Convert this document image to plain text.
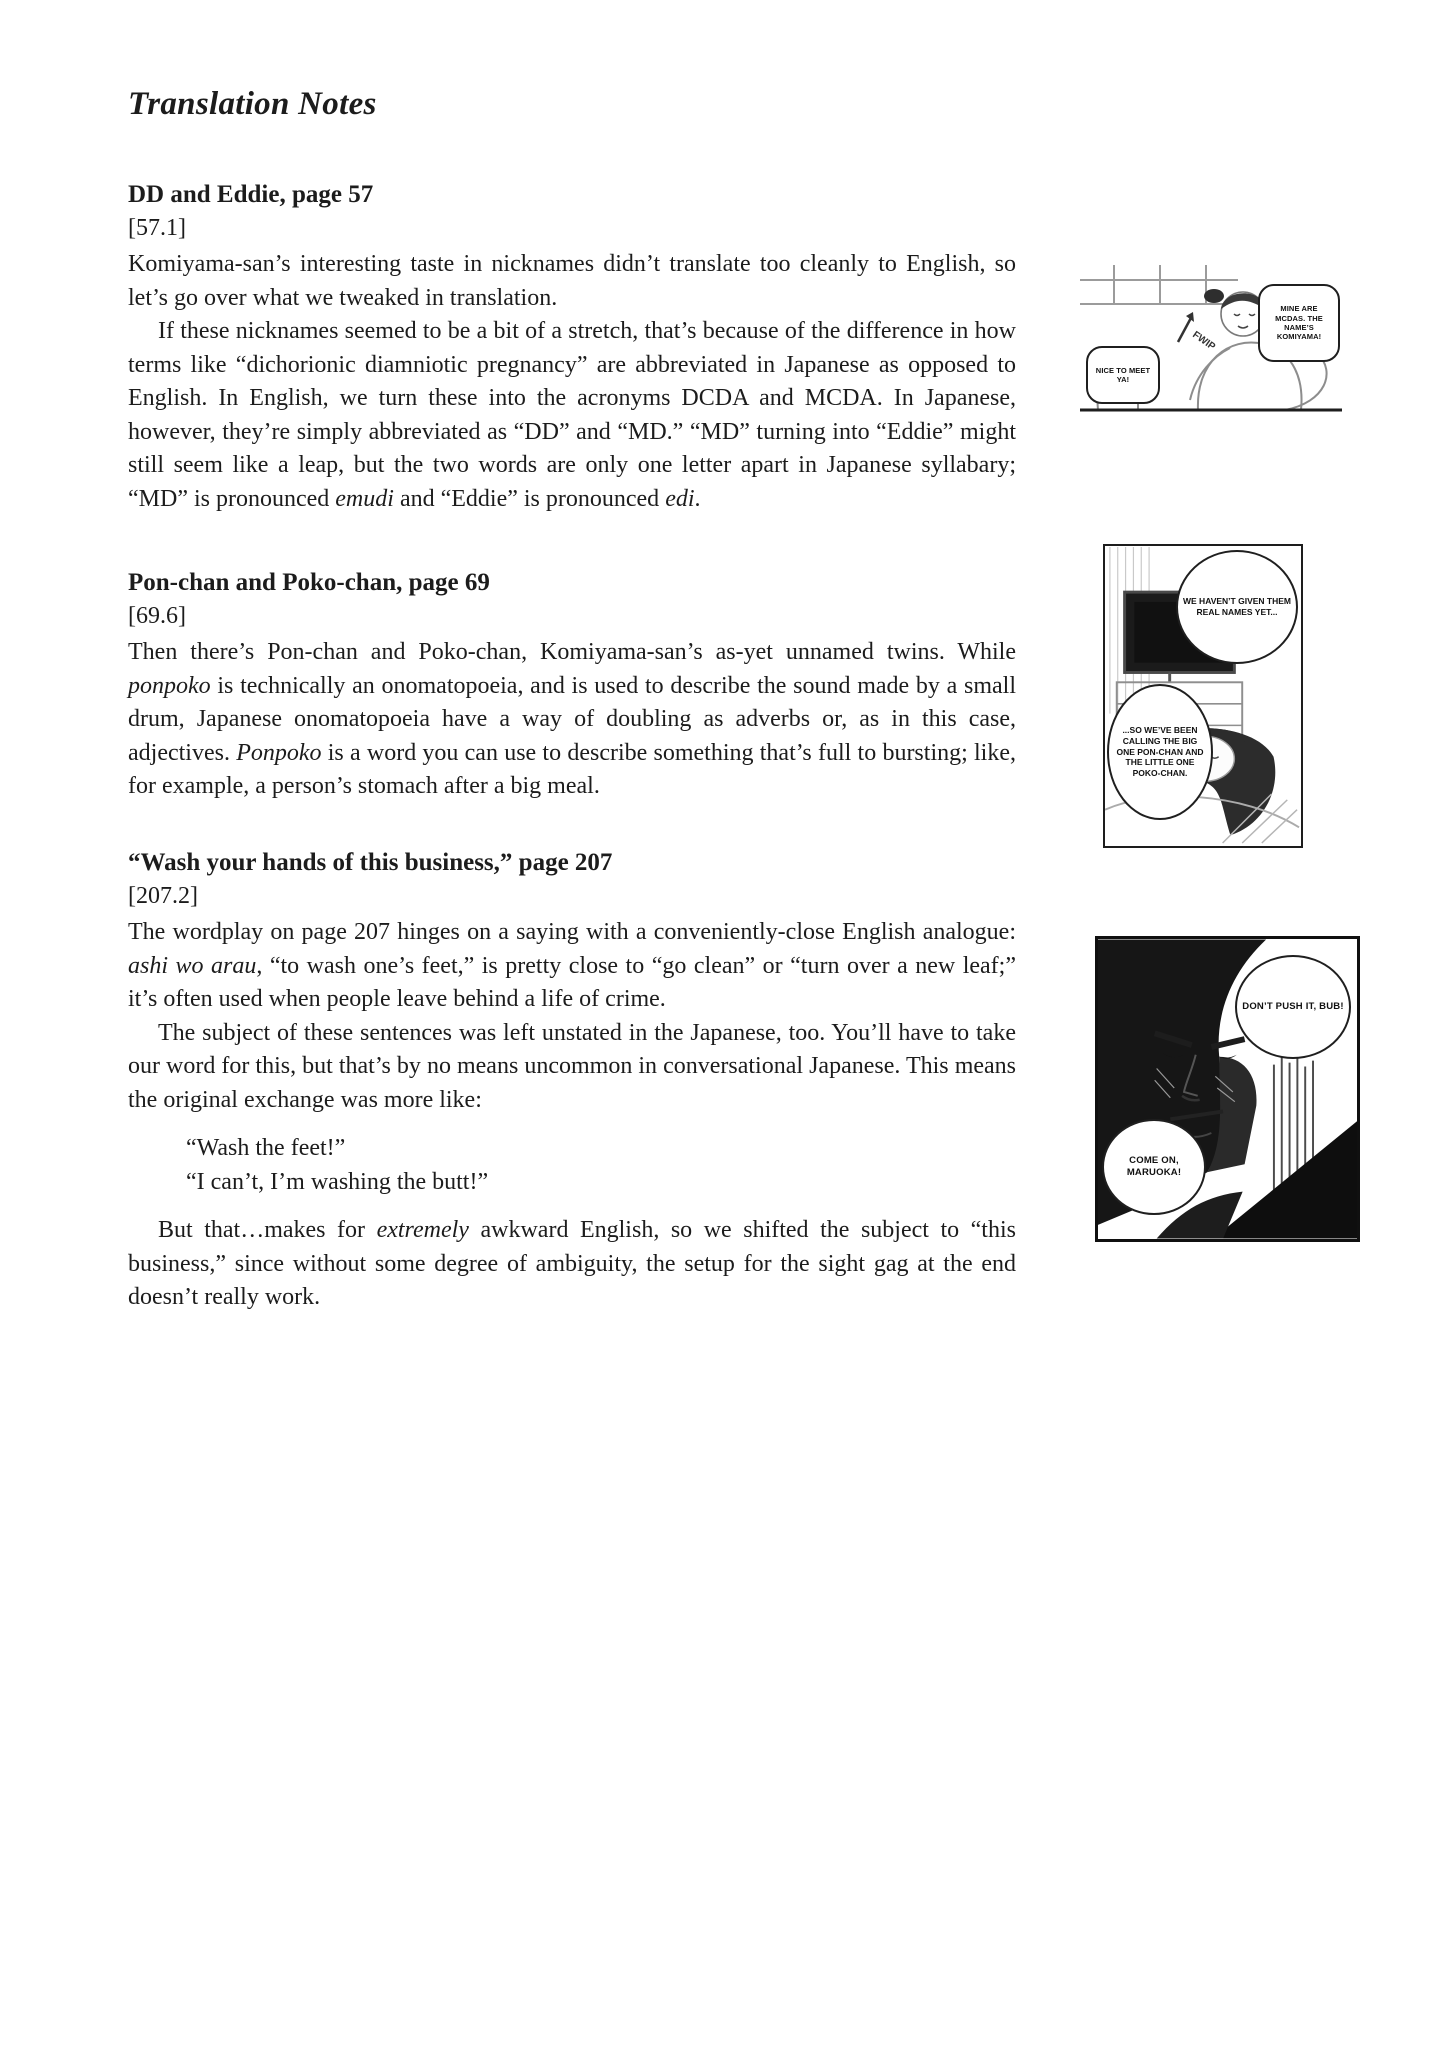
Translation Notes
DD and Eddie, page 57
[57.1]

Komiyama-san’s interesting taste in nicknames didn’t translate too cleanly to English, so let’s go over what we tweaked in translation.

If these nicknames seemed to be a bit of a stretch, that’s because of the difference in how terms like “dichorionic diamniotic pregnancy” are abbreviated in Japanese as opposed to English. In English, we turn these into the acronyms DCDA and MCDA. In Japanese, however, they’re simply abbreviated as “DD” and “MD.” “MD” turning into “Eddie” might still seem like a leap, but the two words are only one letter apart in Japanese syllabary; “MD” is pronounced emudi and “Eddie” is pronounced edi.

Pon-chan and Poko-chan, page 69
[69.6]

Then there’s Pon-chan and Poko-chan, Komiyama-san’s as-yet unnamed twins. While ponpoko is technically an onomatopoeia, and is used to describe the sound made by a small drum, Japanese onomatopoeia have a way of doubling as adverbs or, as in this case, adjectives. Ponpoko is a word you can use to describe something that’s full to bursting; like, for example, a person’s stomach after a big meal.

“Wash your hands of this business,” page 207
[207.2]

The wordplay on page 207 hinges on a saying with a conveniently-close English analogue: ashi wo arau, “to wash one’s feet,” is pretty close to “go clean” or “turn over a new leaf;” it’s often used when people leave behind a life of crime.

The subject of these sentences was left unstated in the Japanese, too. You’ll have to take our word for this, but that’s by no means uncommon in conversational Japanese. This means the original exchange was more like:

“Wash the feet!”
“I can’t, I’m washing the butt!”

But that…makes for extremely awkward English, so we shifted the subject to “this business,” since without some degree of ambiguity, the setup for the sight gag at the end doesn’t really work.

FWIP
MINE ARE MCDAS. THE NAME’S KOMIYAMA!
NICE TO MEET YA!
WE HAVEN’T GIVEN THEM REAL NAMES YET...
...SO WE’VE BEEN CALLING THE BIG ONE PON-CHAN AND THE LITTLE ONE POKO-CHAN.
DON’T PUSH IT, BUB!
COME ON, MARUOKA!
